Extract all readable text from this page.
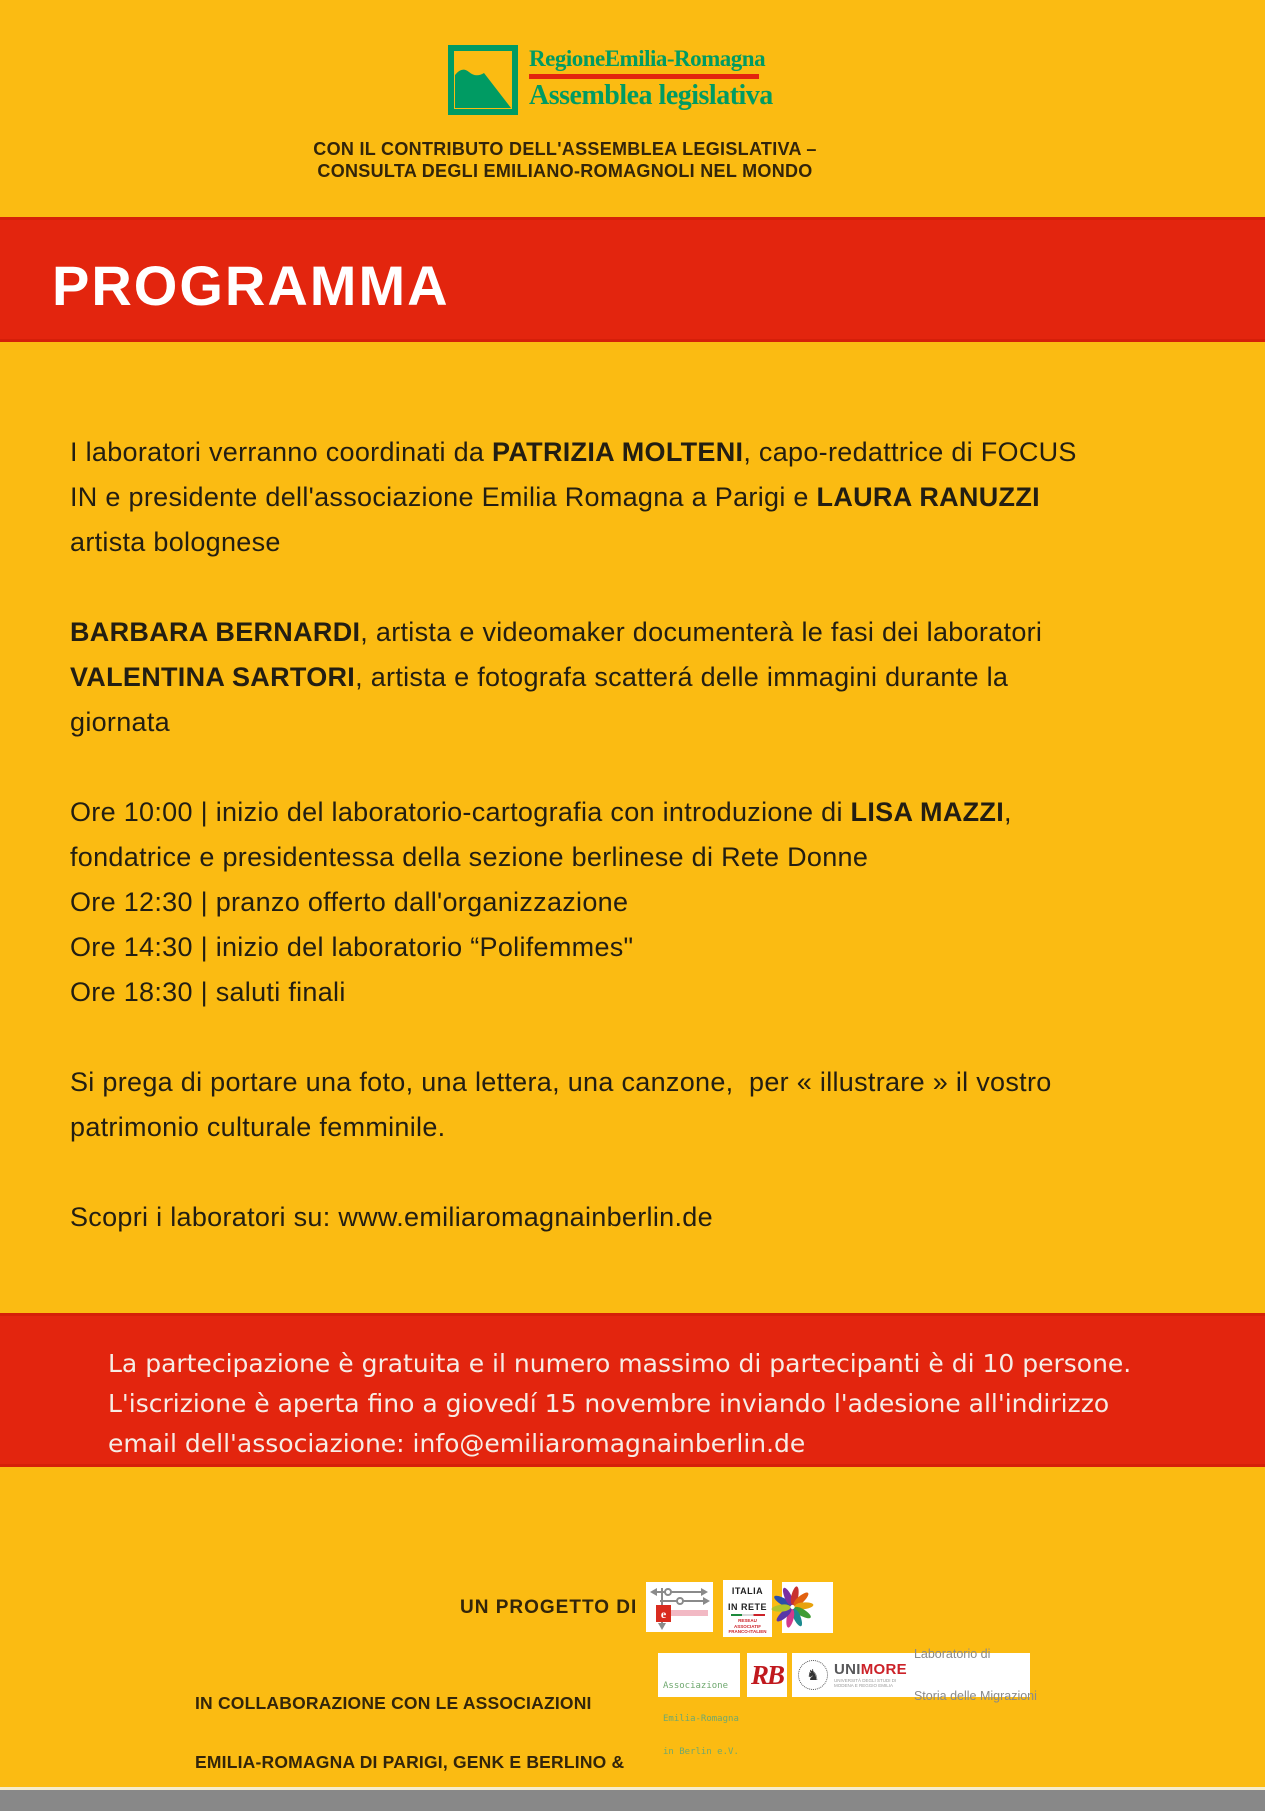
RegioneEmilia-Romagna
Assemblea legislativa
CON IL CONTRIBUTO DELL'ASSEMBLEA LEGISLATIVA –
CONSULTA DEGLI EMILIANO-ROMAGNOLI NEL MONDO
PROGRAMMA
I laboratori verranno coordinati da PATRIZIA MOLTENI, capo-redattrice di FOCUS
IN e presidente dell'associazione Emilia Romagna a Parigi e LAURA RANUZZI
artista bolognese
BARBARA BERNARDI, artista e videomaker documenterà le fasi dei laboratori
VALENTINA SARTORI, artista e fotografa scatterá delle immagini durante la
giornata
Ore 10:00 | inizio del laboratorio-cartografia con introduzione di LISA MAZZI,
fondatrice e presidentessa della sezione berlinese di Rete Donne
Ore 12:30 | pranzo offerto dall'organizzazione
Ore 14:30 | inizio del laboratorio “Polifemmes"
Ore 18:30 | saluti finali
Si prega di portare una foto, una lettera, una canzone,  per « illustrare » il vostro
patrimonio culturale femminile.
Scopri i laboratori su: www.emiliaromagnainberlin.de
La partecipazione è gratuita e il numero massimo di partecipanti è di 10 persone.
L'iscrizione è aperta fino a giovedí 15 novembre inviando l'adesione all'indirizzo
email dell'associazione: info@emiliaromagnainberlin.de
UN PROGETTO DI e
ITALIA
IN RETE
RESEAU
ASSOCIATIF
FRANCO-ITALIEN

IN COLLABORAZIONE CON LE ASSOCIAZIONI

EMILIA-ROMAGNA DI PARIGI, GENK E BERLINO &

Associazione

Emilia-Romagna

in Berlin e.V.

RB	♞ UNIMORE
UNIVERSITÀ DEGLI STUDI DI
MODENA E REGGIO EMILIA

Laboratorio di

Storia delle Migrazioni
